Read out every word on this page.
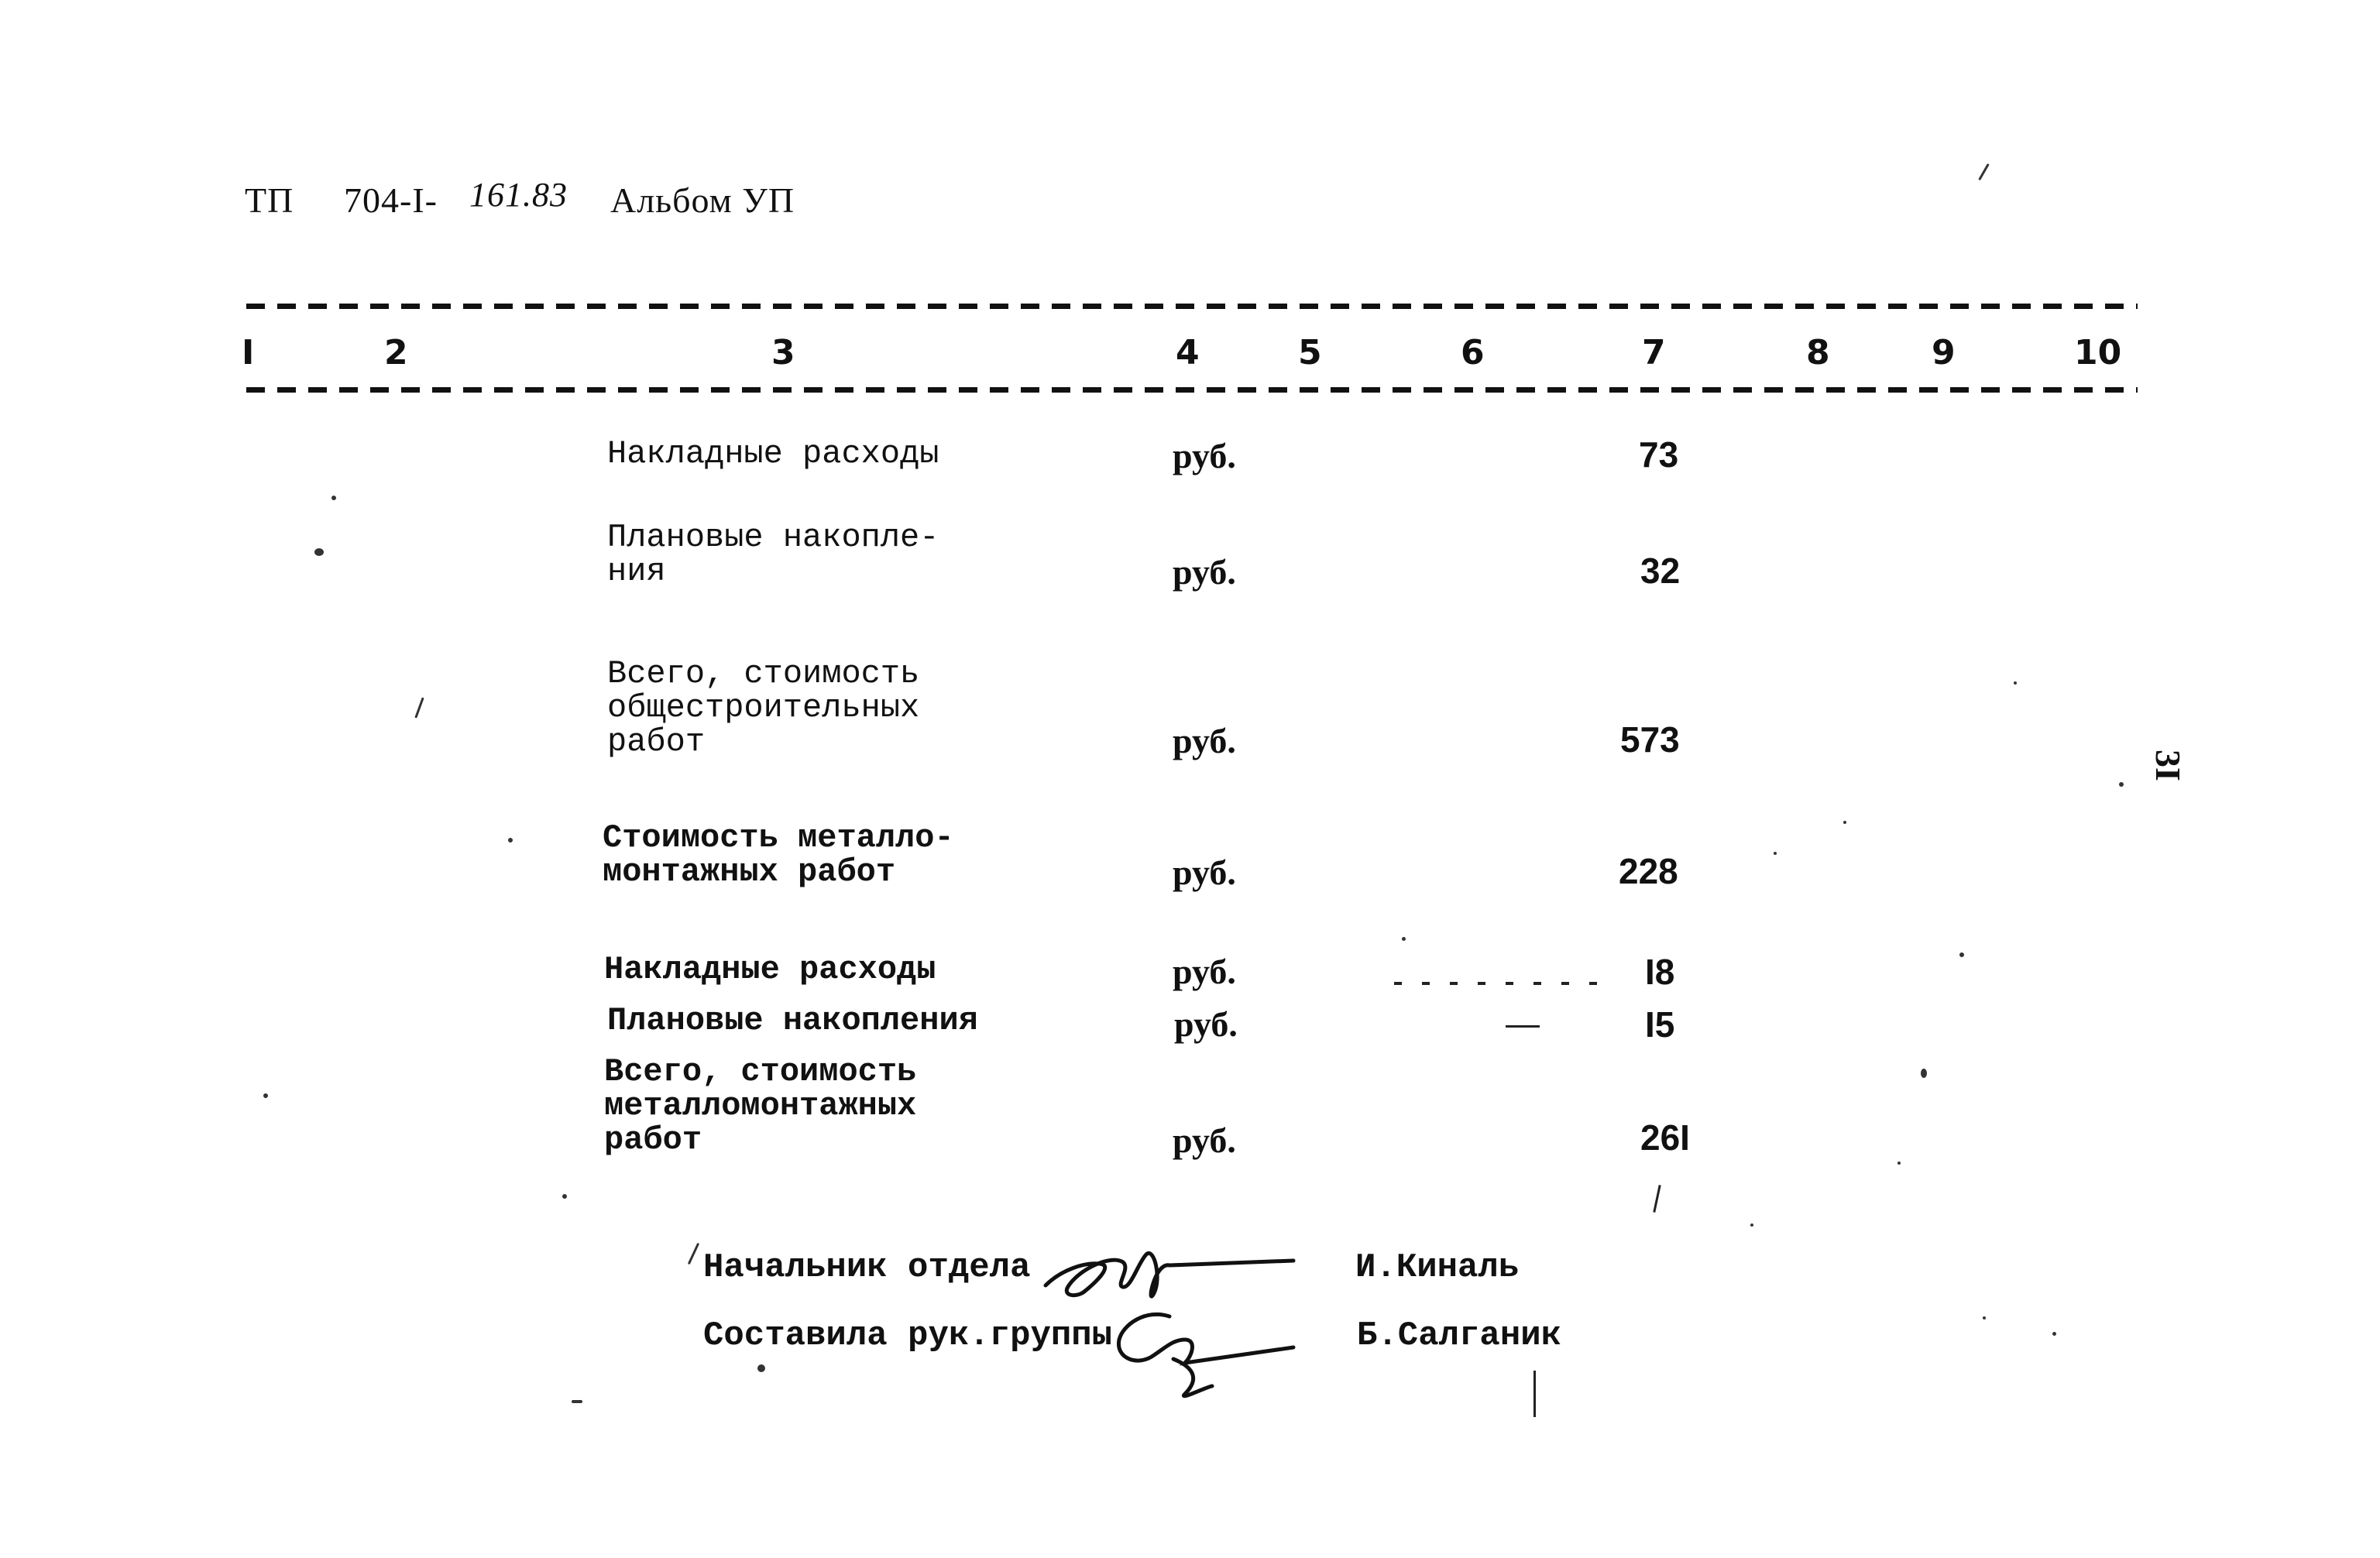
ТП 704-I- 161.83 Альбом УП
I	2	3	4	5	6	7	8	9	10
Накладные расходы	руб.	73
Плановые накопле-
ния	руб.	32
Всего, стоимость
общестроительных
работ	руб.	573
Стоимость металло-
монтажных работ	руб.	228
Накладные расходы	руб.	I8
Плановые накопления	руб.	I5
Всего, стоимость
металломонтажных
работ	руб.	26I
Начальник отдела	И.Киналь
Составила рук.группы	Б.Салганик
3I
